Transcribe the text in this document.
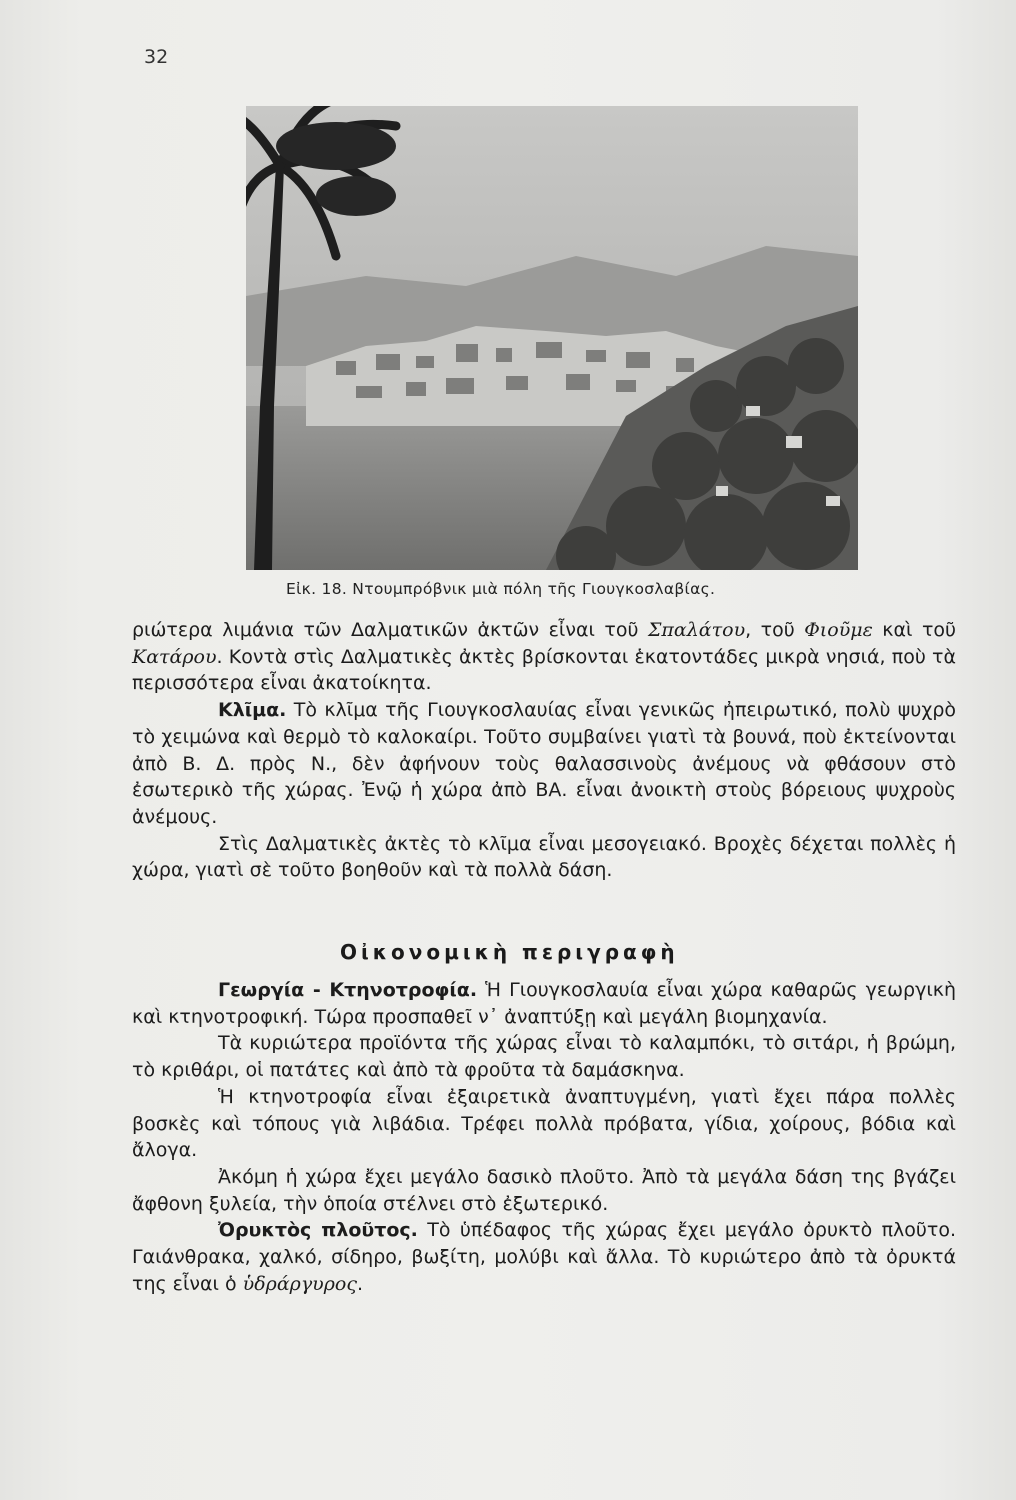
32
Εἰκ. 18. Ντουμπρόβνικ μιὰ πόλη τῆς Γιουγκοσλαβίας.

ριώτερα λιμάνια τῶν Δαλματικῶν ἀκτῶν εἶναι τοῦ Σπαλάτου, τοῦ Φιοῦμε καὶ τοῦ Κατάρου. Κοντὰ στὶς Δαλματικὲς ἀκτὲς βρίσκονται ἑκατοντάδες μικρὰ νησιά, ποὺ τὰ περισσότερα εἶναι ἀκατοίκητα.

Κλῖμα. Τὸ κλῖμα τῆς Γιουγκοσλαυίας εἶναι γενικῶς ἠπειρωτικό, πολὺ ψυχρὸ τὸ χειμώνα καὶ θερμὸ τὸ καλοκαίρι. Τοῦτο συμβαίνει γιατὶ τὰ βουνά, ποὺ ἐκτείνονται ἀπὸ Β. Δ. πρὸς Ν., δὲν ἀφήνουν τοὺς θαλασσινοὺς ἀνέμους νὰ φθάσουν στὸ ἐσωτερικὸ τῆς χώρας. Ἐνῷ ἡ χώρα ἀπὸ ΒΑ. εἶναι ἀνοικτὴ στοὺς βόρειους ψυχροὺς ἀνέμους.

Στὶς Δαλματικὲς ἀκτὲς τὸ κλῖμα εἶναι μεσογειακό. Βροχὲς δέχεται πολλὲς ἡ χώρα, γιατὶ σὲ τοῦτο βοηθοῦν καὶ τὰ πολλὰ δάση.

Οἰκονομικὴ περιγραφὴ

Γεωργία - Κτηνοτροφία. Ἡ Γιουγκοσλαυία εἶναι χώρα καθαρῶς γεωργικὴ καὶ κτηνοτροφική. Τώρα προσπαθεῖ ν᾽ ἀναπτύξῃ καὶ μεγάλη βιομηχανία.

Τὰ κυριώτερα προϊόντα τῆς χώρας εἶναι τὸ καλαμπόκι, τὸ σιτάρι, ἡ βρώμη, τὸ κριθάρι, οἱ πατάτες καὶ ἀπὸ τὰ φροῦτα τὰ δαμάσκηνα.

Ἡ κτηνοτροφία εἶναι ἐξαιρετικὰ ἀναπτυγμένη, γιατὶ ἔχει πάρα πολλὲς βοσκὲς καὶ τόπους γιὰ λιβάδια. Τρέφει πολλὰ πρόβατα, γίδια, χοίρους, βόδια καὶ ἄλογα.

Ἀκόμη ἡ χώρα ἔχει μεγάλο δασικὸ πλοῦτο. Ἀπὸ τὰ μεγάλα δάση της βγάζει ἄφθονη ξυλεία, τὴν ὁποία στέλνει στὸ ἐξωτερικό.

Ὀρυκτὸς πλοῦτος. Τὸ ὑπέδαφος τῆς χώρας ἔχει μεγάλο ὀρυκτὸ πλοῦτο. Γαιάνθρακα, χαλκό, σίδηρο, βωξίτη, μολύβι καὶ ἄλλα. Τὸ κυριώτερο ἀπὸ τὰ ὀρυκτά της εἶναι ὁ ὑδράργυρος.
